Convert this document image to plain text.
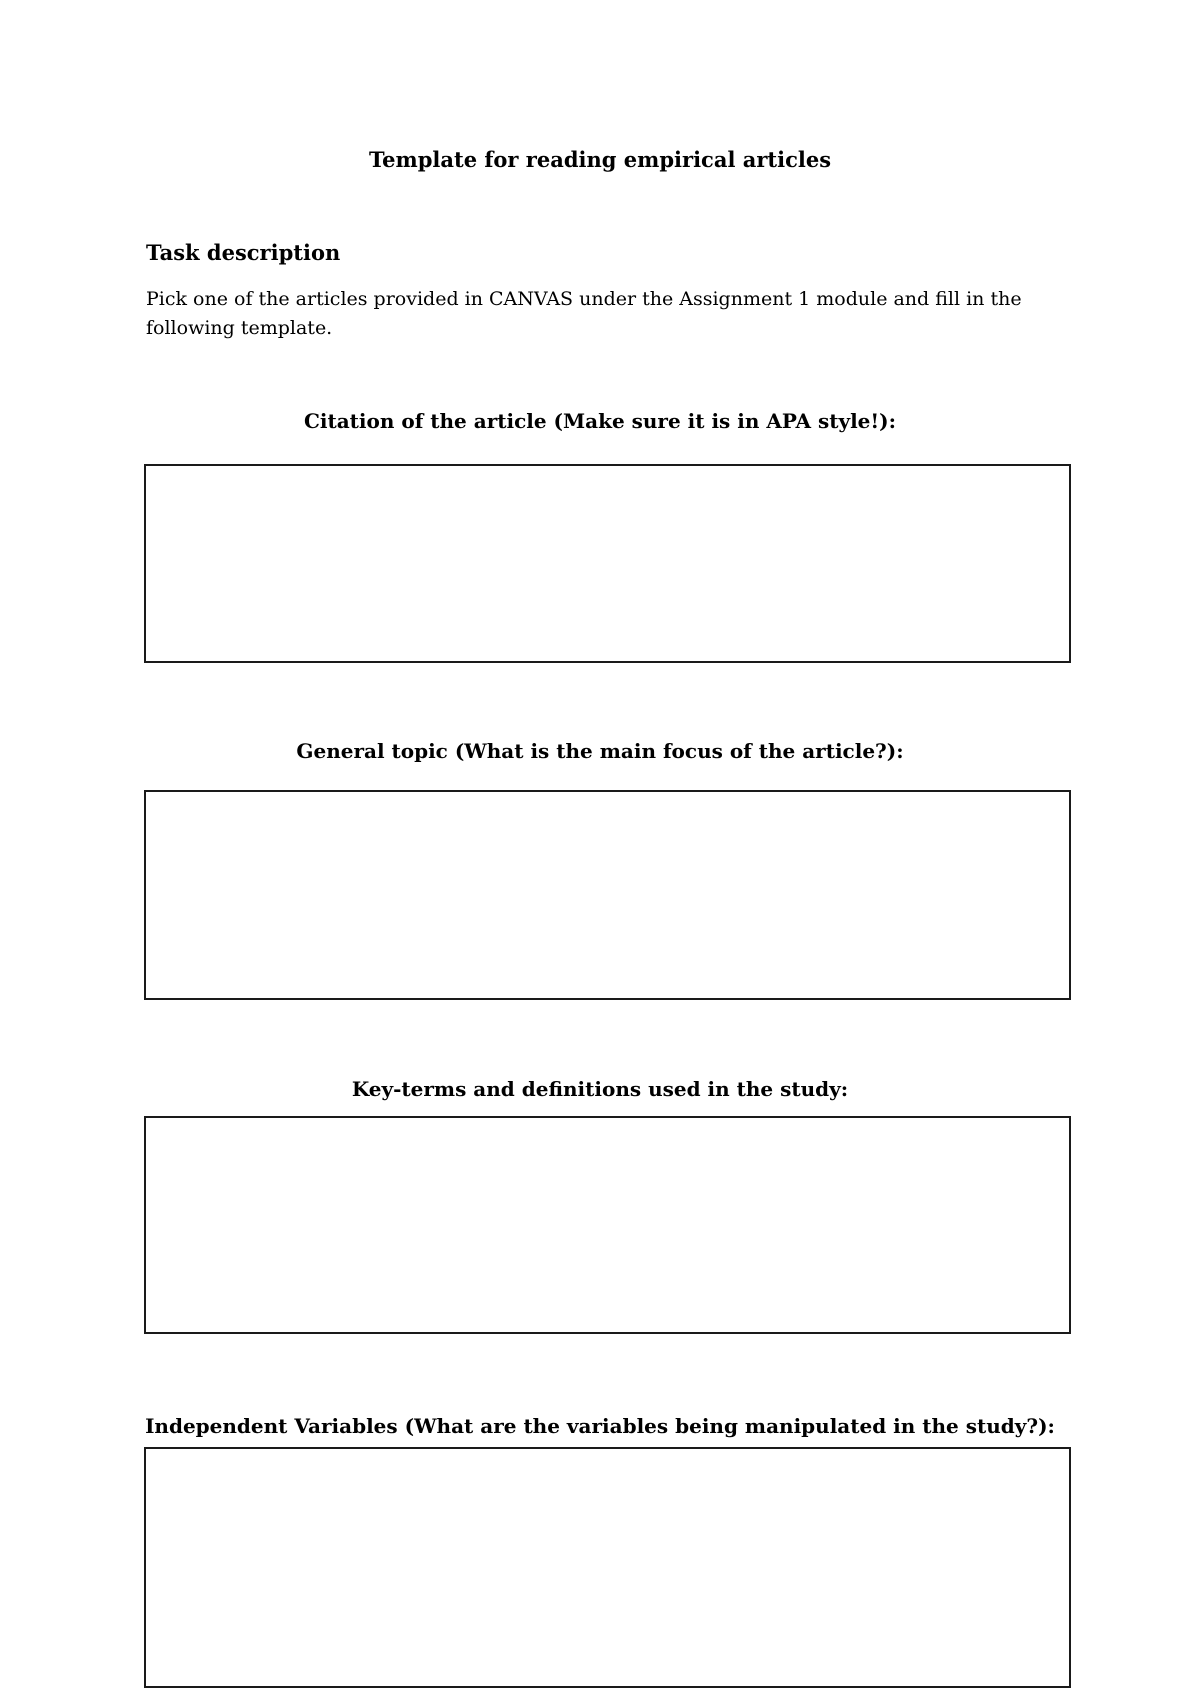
Template for reading empirical articles
Task description

Pick one of the articles provided in CANVAS under the Assignment 1 module and fill in the following template.

Citation of the article (Make sure it is in APA style!):
General topic (What is the main focus of the article?):
Key-terms and definitions used in the study:
Independent Variables (What are the variables being manipulated in the study?):
